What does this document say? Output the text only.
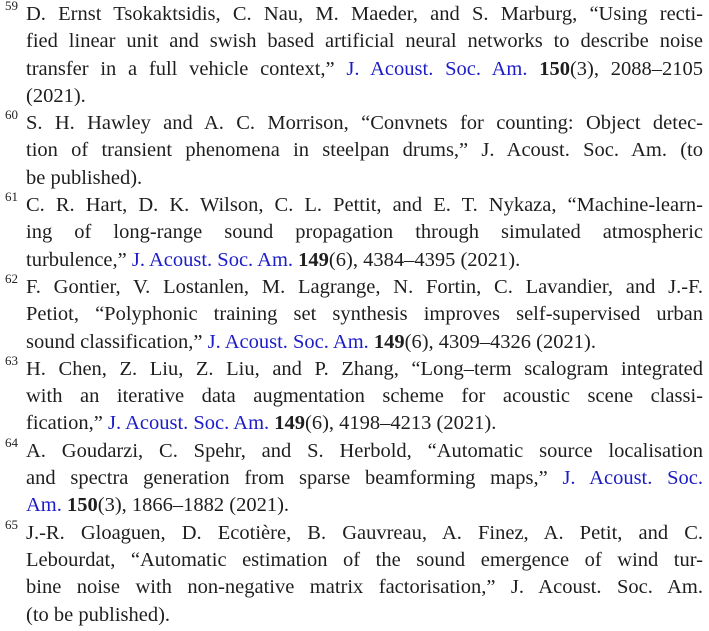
59 D. Ernst Tsokaktsidis, C. Nau, M. Maeder, and S. Marburg, “Using recti-
fied linear unit and swish based artificial neural networks to describe noise
transfer in a full vehicle context,” J. Acoust. Soc. Am. 150(3), 2088–2105
(2021).
60 S. H. Hawley and A. C. Morrison, “Convnets for counting: Object detec-
tion of transient phenomena in steelpan drums,” J. Acoust. Soc. Am. (to
be published).
61 C. R. Hart, D. K. Wilson, C. L. Pettit, and E. T. Nykaza, “Machine-learn-
ing of long-range sound propagation through simulated atmospheric
turbulence,” J. Acoust. Soc. Am. 149(6), 4384–4395 (2021).
62 F. Gontier, V. Lostanlen, M. Lagrange, N. Fortin, C. Lavandier, and J.-F.
Petiot, “Polyphonic training set synthesis improves self-supervised urban
sound classification,” J. Acoust. Soc. Am. 149(6), 4309–4326 (2021).
63 H. Chen, Z. Liu, Z. Liu, and P. Zhang, “Long–term scalogram integrated
with an iterative data augmentation scheme for acoustic scene classi-
fication,” J. Acoust. Soc. Am. 149(6), 4198–4213 (2021).
64 A. Goudarzi, C. Spehr, and S. Herbold, “Automatic source localisation
and spectra generation from sparse beamforming maps,” J. Acoust. Soc.
Am. 150(3), 1866–1882 (2021).
65 J.-R. Gloaguen, D. Ecotière, B. Gauvreau, A. Finez, A. Petit, and C.
Lebourdat, “Automatic estimation of the sound emergence of wind tur-
bine noise with non-negative matrix factorisation,” J. Acoust. Soc. Am.
(to be published).
